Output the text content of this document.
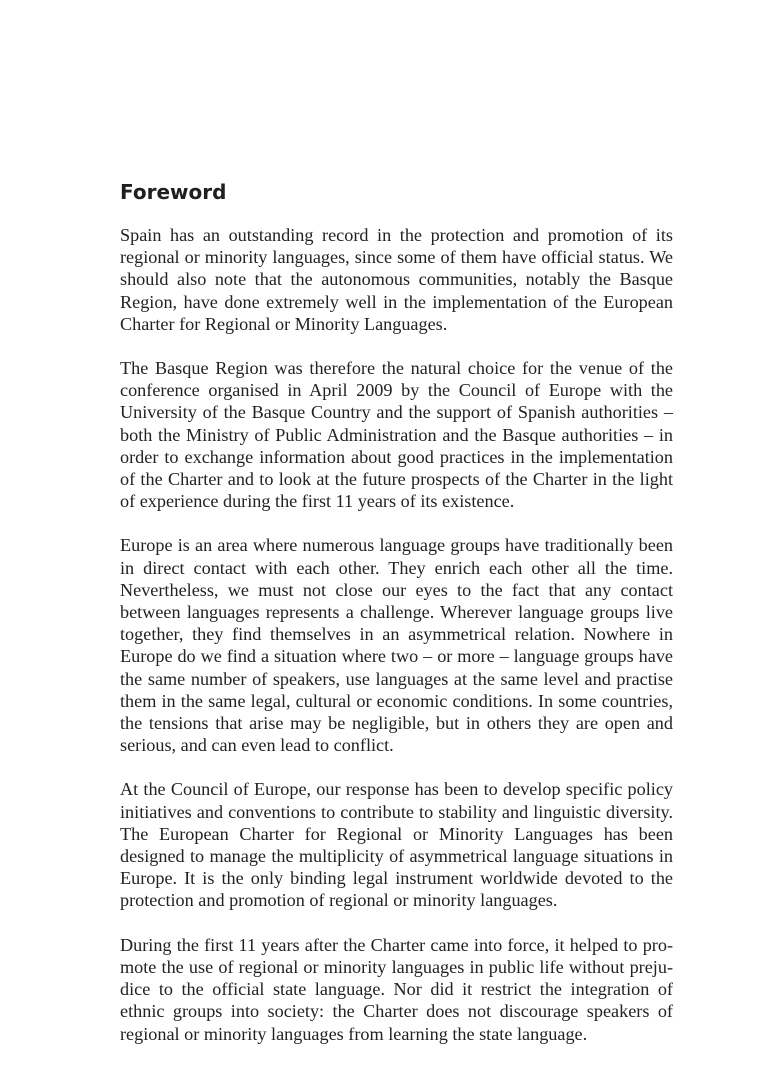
Foreword

Spain has an outstanding record in the protection and promotion of its regional or minority languages, since some of them have official status. We should also note that the autonomous communities, notably the Basque Region, have done extremely well in the implementation of the European Charter for Regional or Minority Languages.

The Basque Region was therefore the natural choice for the venue of the conference organised in April 2009 by the Council of Europe with the University of the Basque Country and the support of Spanish authorities – both the Ministry of Public Administration and the Basque authorities – in order to exchange information about good practices in the implementation of the Charter and to look at the future prospects of the Charter in the light of experience during the first 11 years of its existence.

Europe is an area where numerous language groups have traditionally been in direct contact with each other. They enrich each other all the time. Nevertheless, we must not close our eyes to the fact that any contact between languages represents a challenge. Wherever language groups live together, they find themselves in an asymmetrical relation. Nowhere in Europe do we find a situation where two – or more – language groups have the same number of speakers, use languages at the same level and practise them in the same legal, cultural or economic conditions. In some countries, the tensions that arise may be negligible, but in others they are open and serious, and can even lead to conflict.

At the Council of Europe, our response has been to develop specific policy initiatives and conventions to contribute to stability and linguistic diversity. The European Charter for Regional or Minority Languages has been designed to manage the multiplicity of asymmetrical language situations in Europe. It is the only binding legal instrument worldwide devoted to the protection and promotion of regional or minority languages.

During the first 11 years after the Charter came into force, it helped to promote the use of regional or minority languages in public life without prejudice to the official state language. Nor did it restrict the integration of ethnic groups into society: the Charter does not discourage speakers of regional or minority languages from learning the state language.
